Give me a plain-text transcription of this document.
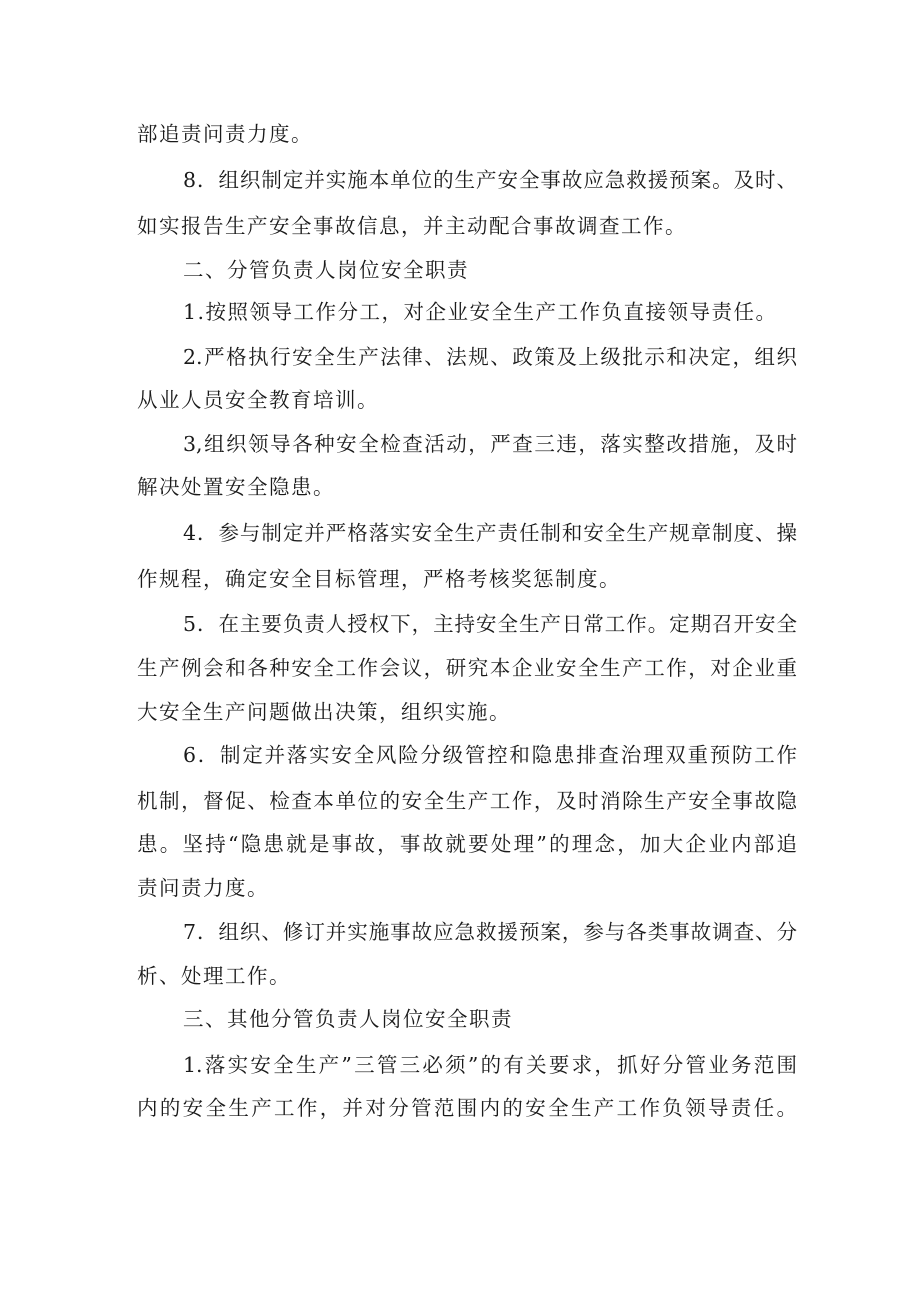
部追责问责力度。
8．组织制定并实施本单位的生产安全事故应急救援预案。及时、
如实报告生产安全事故信息，并主动配合事故调查工作。
二、分管负责人岗位安全职责
1.按照领导工作分工，对企业安全生产工作负直接领导责任。
2.严格执行安全生产法律、法规、政策及上级批示和决定，组织
从业人员安全教育培训。
3,组织领导各种安全检查活动，严查三违，落实整改措施，及时
解决处置安全隐患。
4．参与制定并严格落实安全生产责任制和安全生产规章制度、操
作规程，确定安全目标管理，严格考核奖惩制度。
5．在主要负责人授权下，主持安全生产日常工作。定期召开安全
生产例会和各种安全工作会议，研究本企业安全生产工作，对企业重
大安全生产问题做出决策，组织实施。
6．制定并落实安全风险分级管控和隐患排查治理双重预防工作
机制，督促、检查本单位的安全生产工作，及时消除生产安全事故隐
患。坚持“隐患就是事故，事故就要处理”的理念，加大企业内部追
责问责力度。
7．组织、修订并实施事故应急救援预案，参与各类事故调查、分
析、处理工作。
三、其他分管负责人岗位安全职责
1.落实安全生产”三管三必须”的有关要求，抓好分管业务范围
内的安全生产工作，并对分管范围内的安全生产工作负领导责任。
